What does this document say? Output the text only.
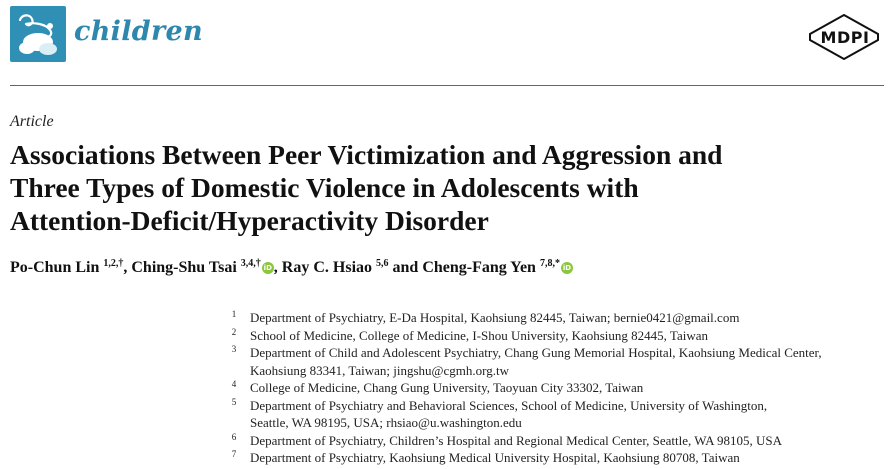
children	MDPI
Article
Associations Between Peer Victimization and Aggression and
Three Types of Domestic Violence in Adolescents with
Attention-Deficit/Hyperactivity Disorder
Po-Chun Lin $^{1,2,\dagger}$, Ching-Shu Tsai $^{3,4,\dagger}$ iD , Ray C. Hsiao $^{5,6}$ and Cheng-Fang Yen $^{7,8,*}$ iD
1 Department of Psychiatry, E-Da Hospital, Kaohsiung 82445, Taiwan; bernie0421@gmail.com
2 School of Medicine, College of Medicine, I-Shou University, Kaohsiung 82445, Taiwan
3 Department of Child and Adolescent Psychiatry, Chang Gung Memorial Hospital, Kaohsiung Medical Center,
Kaohsiung 83341, Taiwan; jingshu@cgmh.org.tw
4 College of Medicine, Chang Gung University, Taoyuan City 33302, Taiwan
5 Department of Psychiatry and Behavioral Sciences, School of Medicine, University of Washington,
Seattle, WA 98195, USA; rhsiao@u.washington.edu
6 Department of Psychiatry, Children’s Hospital and Regional Medical Center, Seattle, WA 98105, USA
7 Department of Psychiatry, Kaohsiung Medical University Hospital, Kaohsiung 80708, Taiwan
